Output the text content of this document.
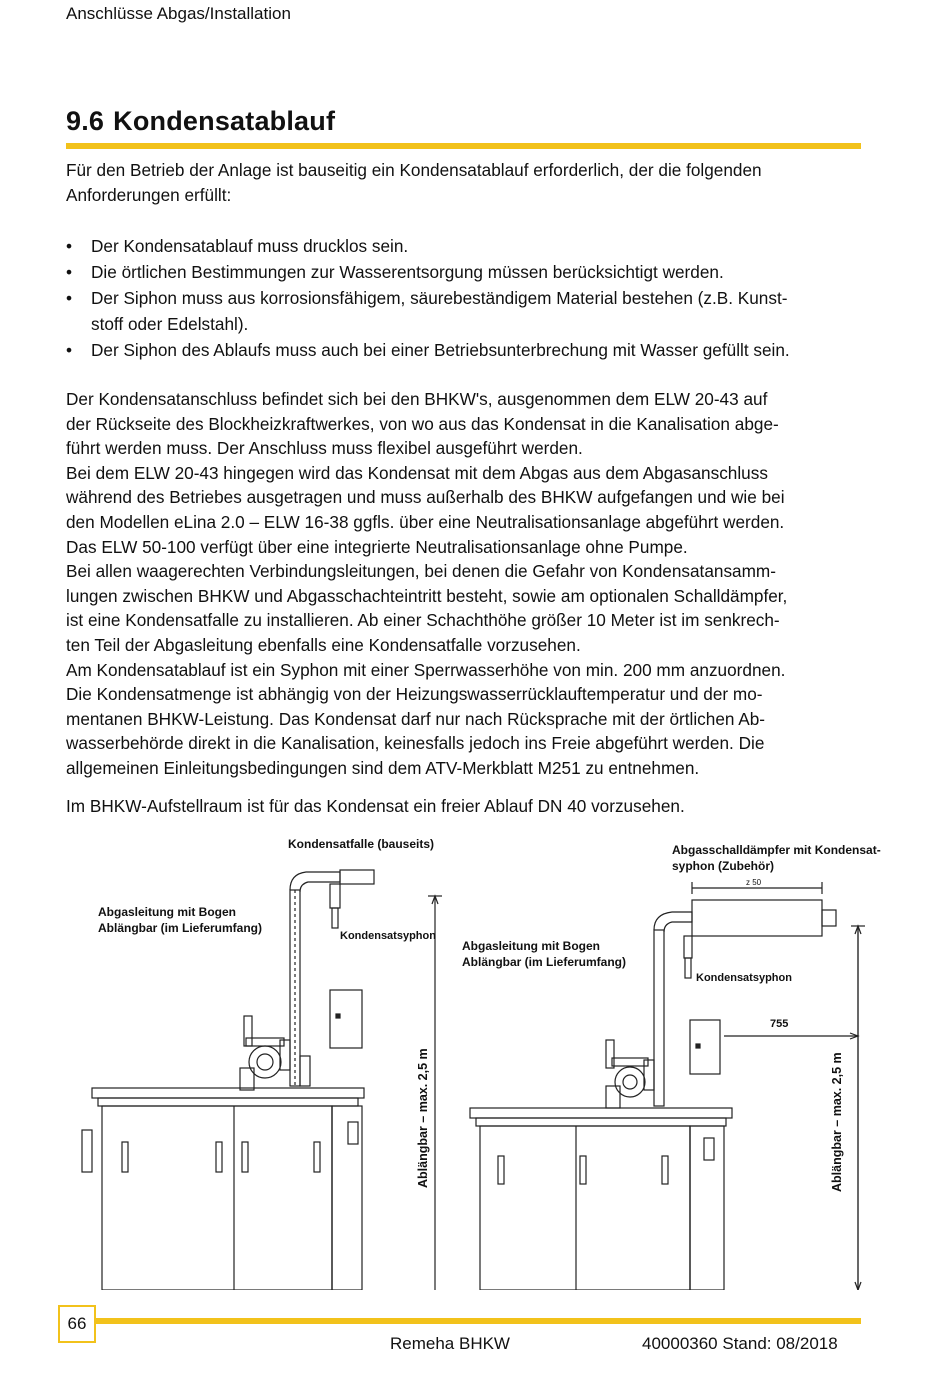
Anschlüsse Abgas/Installation
9.6 Kondensatablauf

Für den Betrieb der Anlage ist bauseitig ein Kondensatablauf erforderlich, der die folgenden
Anforderungen erfüllt:

• Der Kondensatablauf muss drucklos sein.
• Die örtlichen Bestimmungen zur Wasserentsorgung müssen berücksichtigt werden.
• Der Siphon muss aus korrosionsfähigem, säurebeständigem Material bestehen (z.B. Kunst-
stoff oder Edelstahl).
• Der Siphon des Ablaufs muss auch bei einer Betriebsunterbrechung mit Wasser gefüllt sein.

Der Kondensatanschluss befindet sich bei den BHKW's, ausgenommen dem ELW 20-43 auf
der Rückseite des Blockheizkraftwerkes, von wo aus das Kondensat in die Kanalisation abge-
führt werden muss. Der Anschluss muss flexibel ausgeführt werden.
Bei dem ELW 20-43 hingegen wird das Kondensat mit dem Abgas aus dem Abgasanschluss
während des Betriebes ausgetragen und muss außerhalb des BHKW aufgefangen und wie bei
den Modellen eLina 2.0 – ELW 16-38 ggfls. über eine Neutralisationsanlage abgeführt werden.
Das ELW 50-100 verfügt über eine integrierte Neutralisationsanlage ohne Pumpe.
Bei allen waagerechten Verbindungsleitungen, bei denen die Gefahr von Kondensatansamm-
lungen zwischen BHKW und Abgasschachteintritt besteht, sowie am optionalen Schalldämpfer,
ist eine Kondensatfalle zu installieren. Ab einer Schachthöhe größer 10 Meter ist im senkrech-
ten Teil der Abgasleitung ebenfalls eine Kondensatfalle vorzusehen.
Am Kondensatablauf ist ein Syphon mit einer Sperrwasserhöhe von min. 200 mm anzuordnen.
Die Kondensatmenge ist abhängig von der Heizungswasserrücklauftemperatur und der mo-
mentanen BHKW-Leistung. Das Kondensat darf nur nach Rücksprache mit der örtlichen Ab-
wasserbehörde direkt in die Kanalisation, keinesfalls jedoch ins Freie abgeführt werden. Die
allgemeinen Einleitungsbedingungen sind dem ATV-Merkblatt M251 zu entnehmen.

Im BHKW-Aufstellraum ist für das Kondensat ein freier Ablauf DN 40 vorzusehen.

Kondensatfalle (bauseits)
Abgasleitung mit Bogen
Ablängbar (im Lieferumfang)
Kondensatsyphon
Ablängbar – max. 2,5 m
Abgasschalldämpfer mit Kondensat-
syphon (Zubehör)
Abgasleitung mit Bogen
Ablängbar (im Lieferumfang)
Kondensatsyphon
z 50
755
Ablängbar – max. 2,5 m
66
Remeha BHKW	40000360 Stand: 08/2018
